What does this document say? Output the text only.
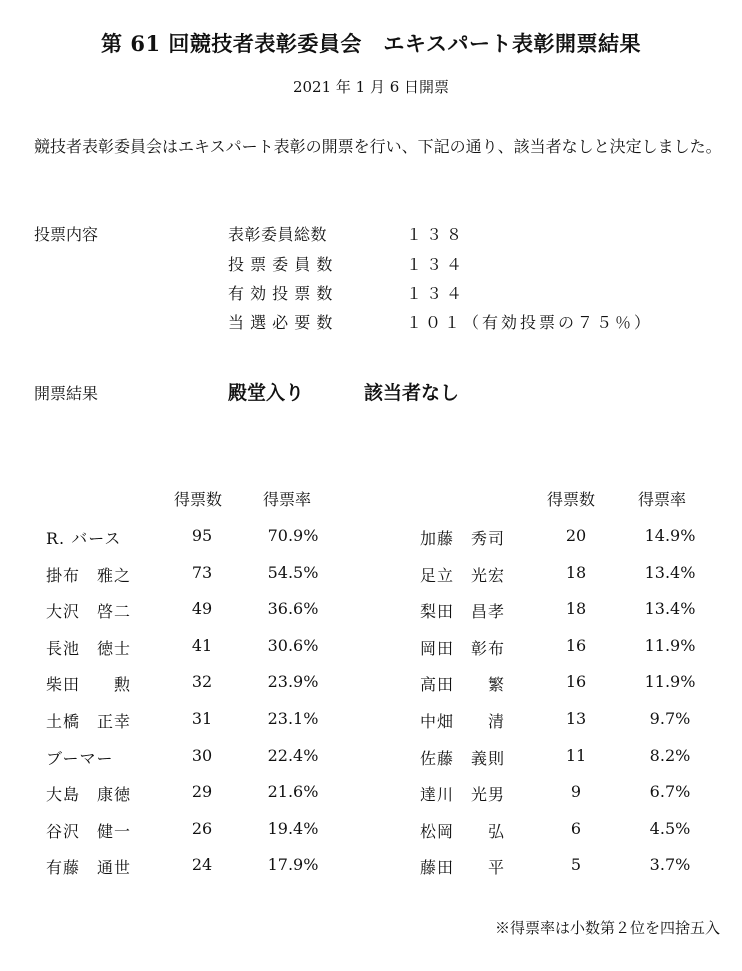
第 61 回競技者表彰委員会　エキスパート表彰開票結果
2021 年 1 月 6 日開票
競技者表彰委員会はエキスパート表彰の開票を行い、下記の通り、該当者なしと決定しました。
投票内容	表彰委員総数	１３８
投 票 委 員 数	１３４
有 効 投 票 数	１３４
当 選 必 要 数	１０１（有効投票の７５％）
開票結果	殿堂入り	該当者なし
得票数	得票率	得票数	得票率
R. バース	95	70.9%
掛布　雅之	73	54.5%
大沢　啓二	49	36.6%
長池　徳士	41	30.6%
柴田　　勲	32	23.9%
土橋　正幸	31	23.1%
ブーマー	30	22.4%
大島　康徳	29	21.6%
谷沢　健一	26	19.4%
有藤　通世	24	17.9%
加藤　秀司	20	14.9%
足立　光宏	18	13.4%
梨田　昌孝	18	13.4%
岡田　彰布	16	11.9%
高田　　繁	16	11.9%
中畑　　清	13	9.7%
佐藤　義則	11	8.2%
達川　光男	9	6.7%
松岡　　弘	6	4.5%
藤田　　平	5	3.7%
※得票率は小数第２位を四捨五入
